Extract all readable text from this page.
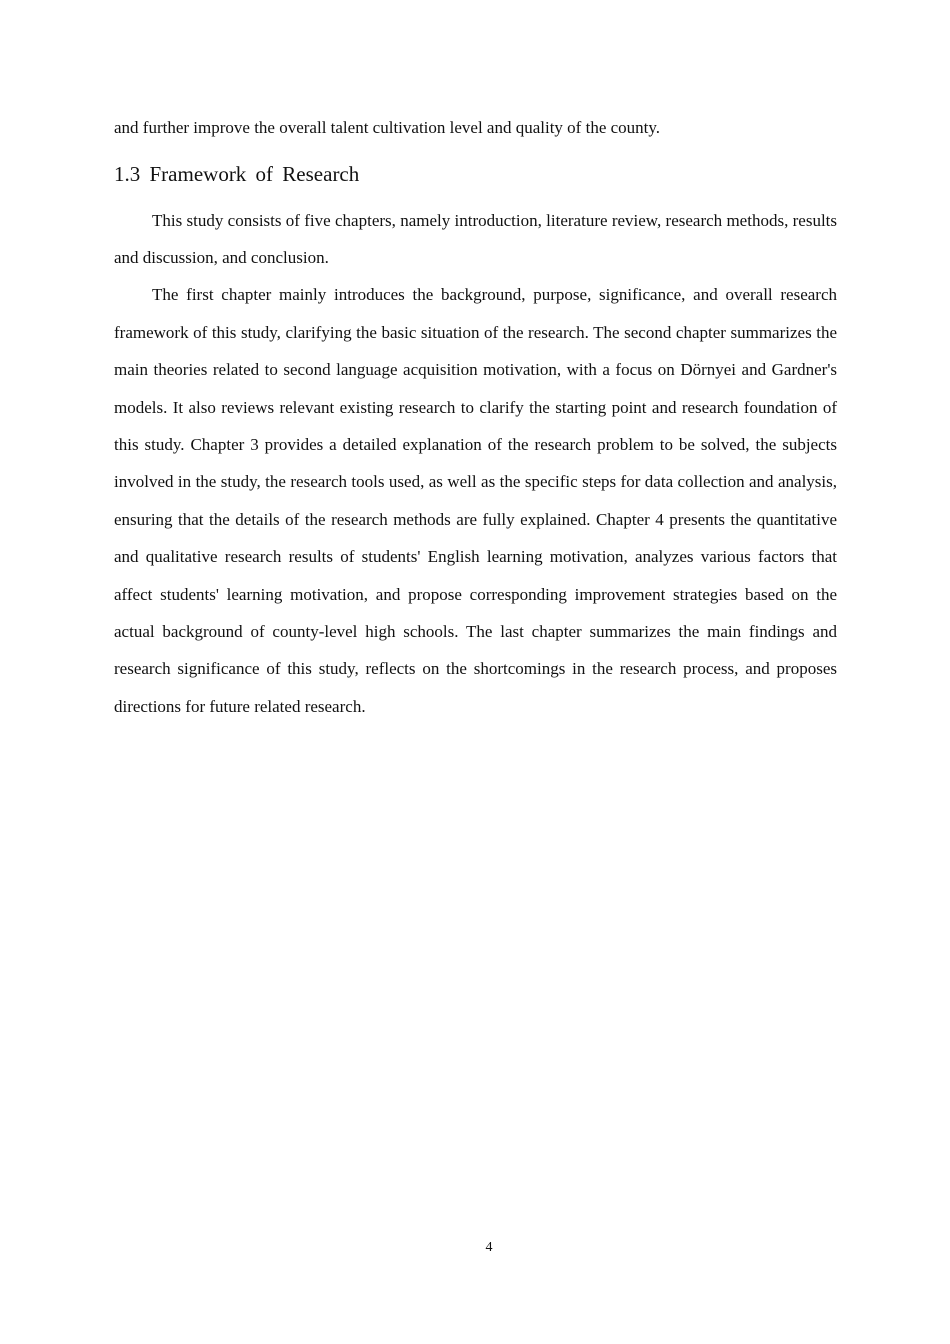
and further improve the overall talent cultivation level and quality of the county.

1.3 Framework of Research

This study consists of five chapters, namely introduction, literature review, research methods, results and discussion, and conclusion.

The first chapter mainly introduces the background, purpose, significance, and overall research framework of this study, clarifying the basic situation of the research. The second chapter summarizes the main theories related to second language acquisition motivation, with a focus on Dörnyei and Gardner's models. It also reviews relevant existing research to clarify the starting point and research foundation of this study. Chapter 3 provides a detailed explanation of the research problem to be solved, the subjects involved in the study, the research tools used, as well as the specific steps for data collection and analysis, ensuring that the details of the research methods are fully explained. Chapter 4 presents the quantitative and qualitative research results of students' English learning motivation, analyzes various factors that affect students' learning motivation, and propose corresponding improvement strategies based on the actual background of county-level high schools. The last chapter summarizes the main findings and research significance of this study, reflects on the shortcomings in the research process, and proposes directions for future related research.

4
